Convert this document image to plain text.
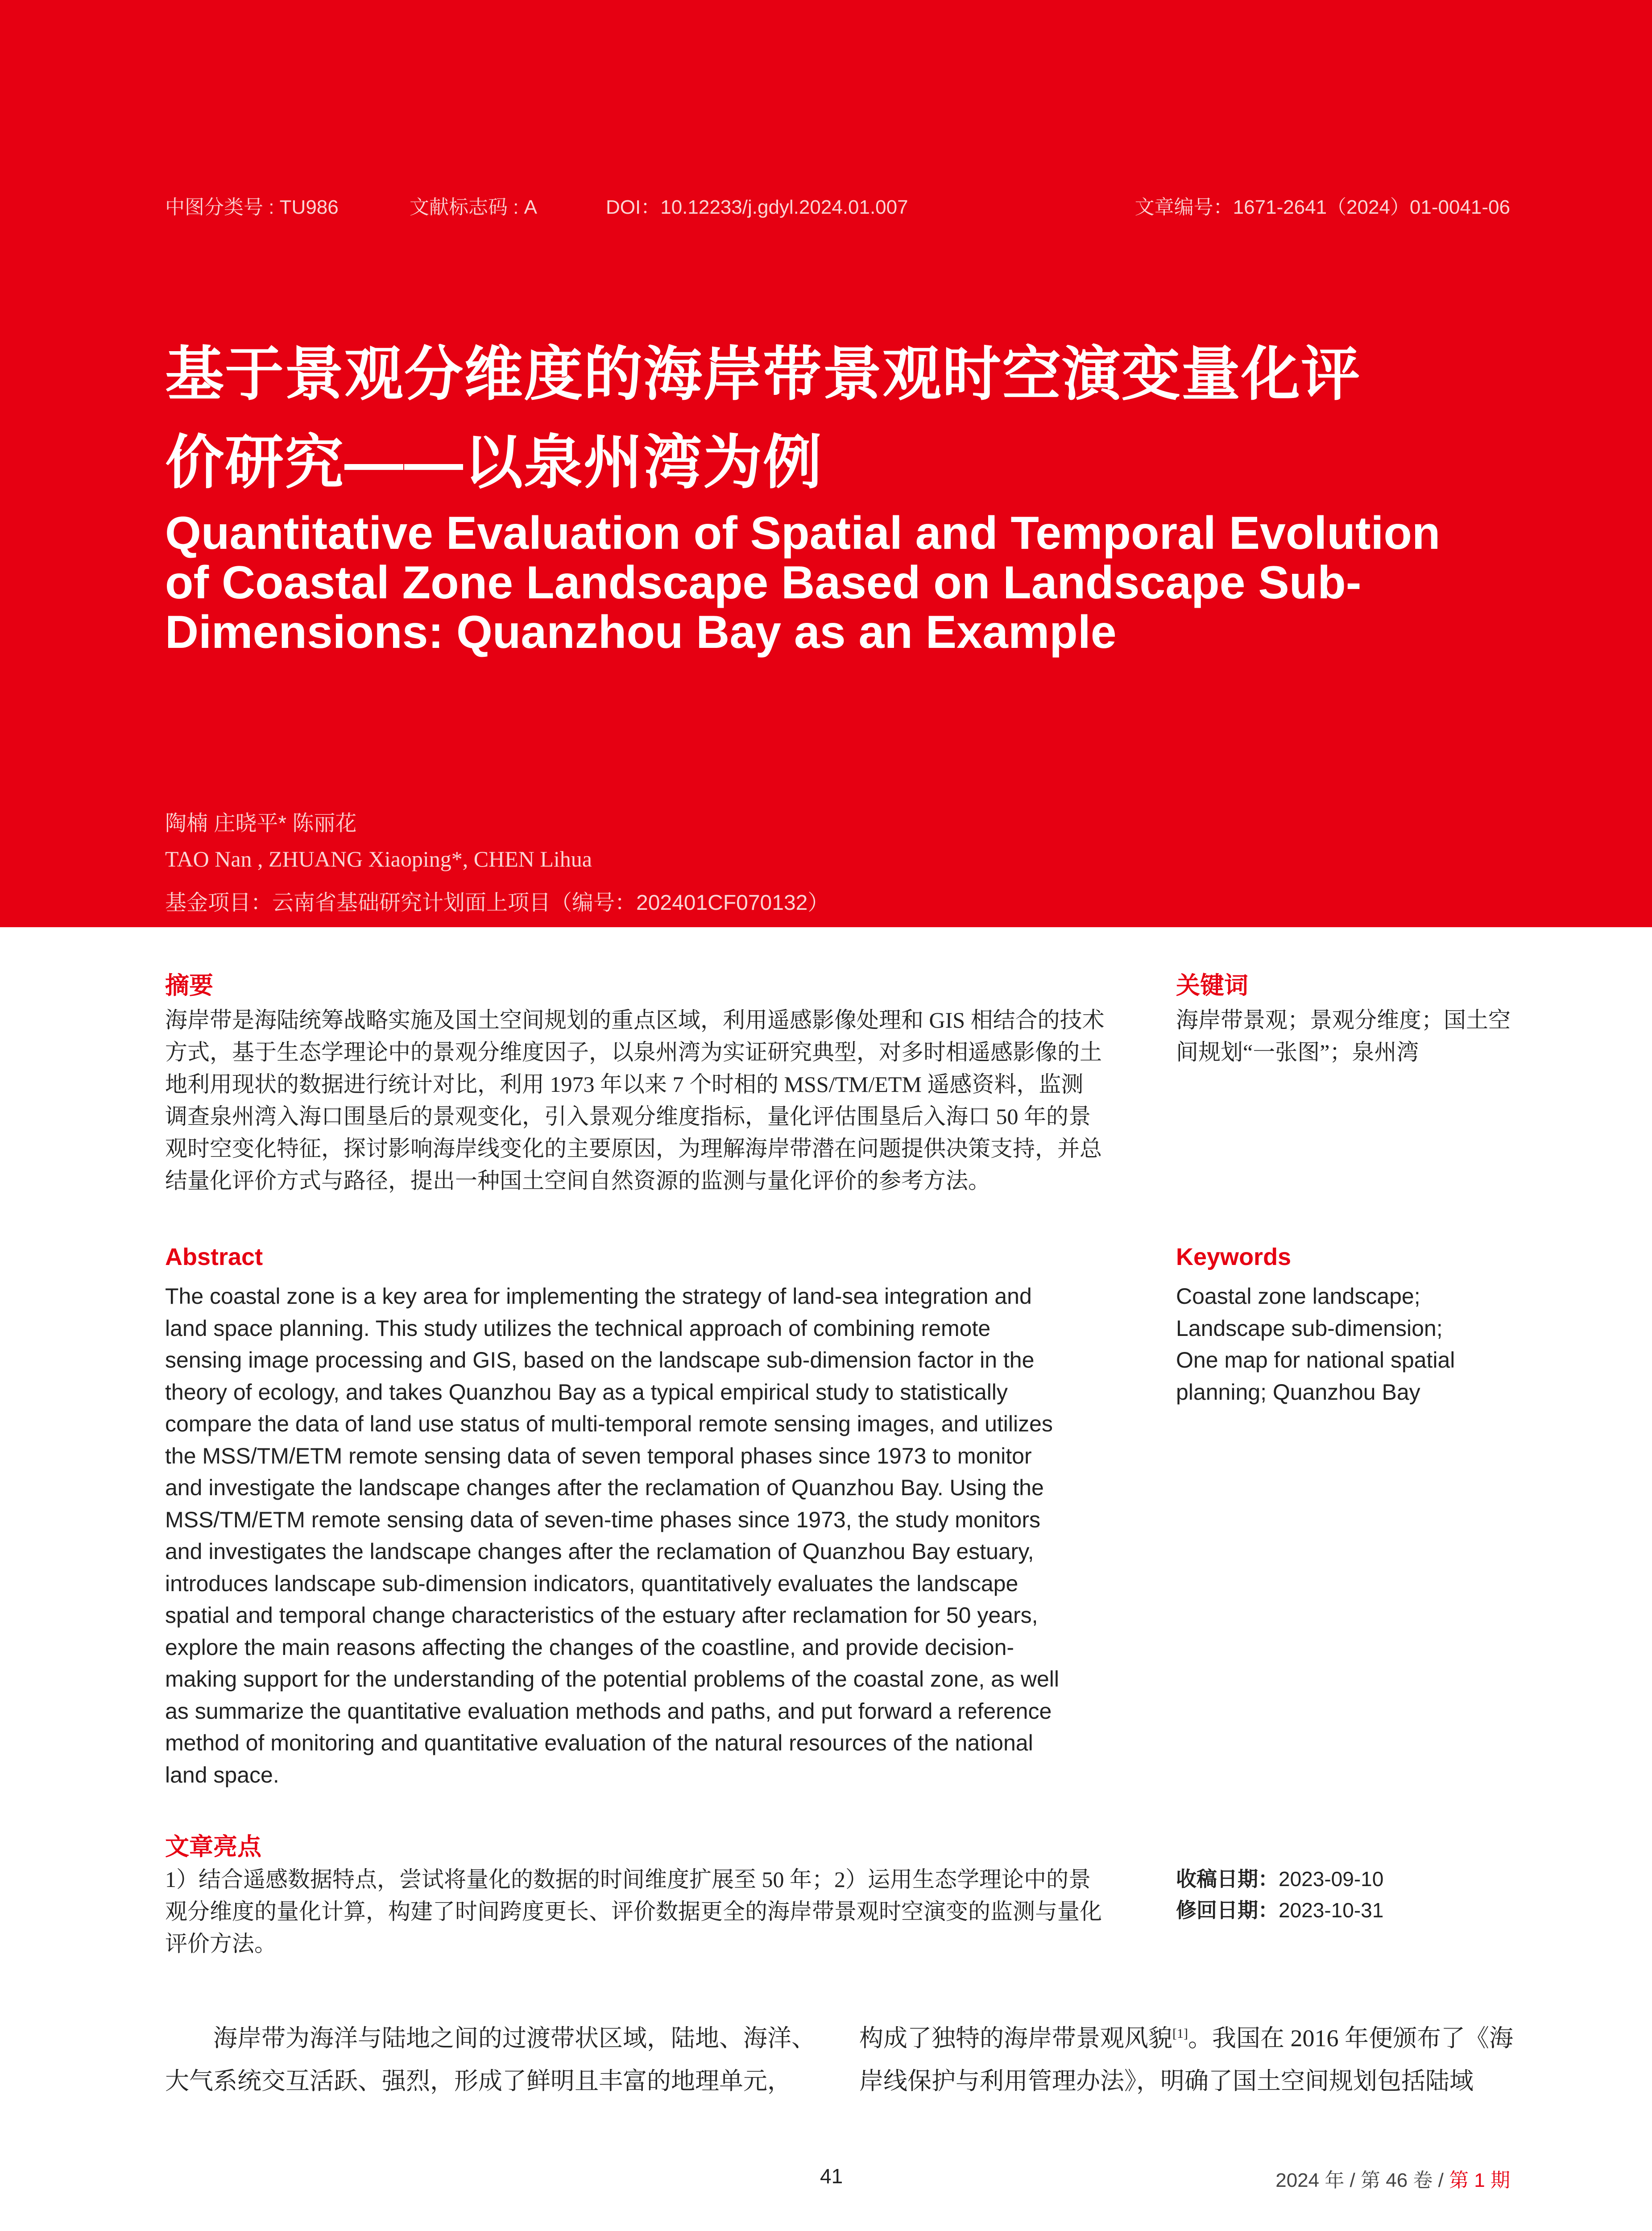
中图分类号 : TU986	文献标志码 : A	DOI：10.12233/j.gdyl.2024.01.007	文章编号：1671-2641（2024）01-0041-06
基于景观分维度的海岸带景观时空演变量化评
价研究——以泉州湾为例
Quantitative Evaluation of Spatial and Temporal Evolution
of Coastal Zone Landscape Based on Landscape Sub-
Dimensions: Quanzhou Bay as an Example
陶楠 庄晓平* 陈丽花
TAO Nan , ZHUANG Xiaoping*, CHEN Lihua
基金项目：云南省基础研究计划面上项目（编号：202401CF070132）
摘要
海岸带是海陆统筹战略实施及国土空间规划的重点区域，利用遥感影像处理和 GIS 相结合的技术
方式，基于生态学理论中的景观分维度因子，以泉州湾为实证研究典型，对多时相遥感影像的土
地利用现状的数据进行统计对比，利用 1973 年以来 7 个时相的 MSS/TM/ETM 遥感资料，监测
调查泉州湾入海口围垦后的景观变化，引入景观分维度指标，量化评估围垦后入海口 50 年的景
观时空变化特征，探讨影响海岸线变化的主要原因，为理解海岸带潜在问题提供决策支持，并总
结量化评价方式与路径，提出一种国土空间自然资源的监测与量化评价的参考方法。
关键词
海岸带景观；景观分维度；国土空
间规划“一张图”；泉州湾
Abstract
The coastal zone is a key area for implementing the strategy of land-sea integration and
land space planning. This study utilizes the technical approach of combining remote
sensing image processing and GIS, based on the landscape sub-dimension factor in the
theory of ecology, and takes Quanzhou Bay as a typical empirical study to statistically
compare the data of land use status of multi-temporal remote sensing images, and utilizes
the MSS/TM/ETM remote sensing data of seven temporal phases since 1973 to monitor
and investigate the landscape changes after the reclamation of Quanzhou Bay. Using the
MSS/TM/ETM remote sensing data of seven-time phases since 1973, the study monitors
and investigates the landscape changes after the reclamation of Quanzhou Bay estuary,
introduces landscape sub-dimension indicators, quantitatively evaluates the landscape
spatial and temporal change characteristics of the estuary after reclamation for 50 years,
explore the main reasons affecting the changes of the coastline, and provide decision-
making support for the understanding of the potential problems of the coastal zone, as well
as summarize the quantitative evaluation methods and paths, and put forward a reference
method of monitoring and quantitative evaluation of the natural resources of the national
land space.
Keywords
Coastal zone landscape;
Landscape sub-dimension;
One map for national spatial
planning; Quanzhou Bay
文章亮点
1）结合遥感数据特点，尝试将量化的数据的时间维度扩展至 50 年；2）运用生态学理论中的景
观分维度的量化计算，构建了时间跨度更长、评价数据更全的海岸带景观时空演变的监测与量化
评价方法。
收稿日期：2023-09-10
修回日期：2023-10-31
海岸带为海洋与陆地之间的过渡带状区域，陆地、海洋、
大气系统交互活跃、强烈，形成了鲜明且丰富的地理单元，
构成了独特的海岸带景观风貌[1]。我国在 2016 年便颁布了《海
岸线保护与利用管理办法》，明确了国土空间规划包括陆域
41	2024 年 / 第 46 卷 / 第 1 期
